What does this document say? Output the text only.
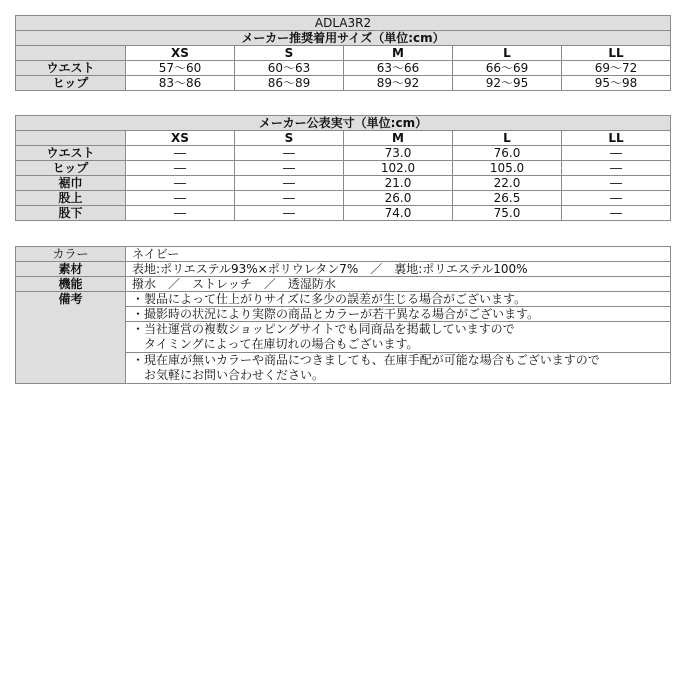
ADLA3R2					
メーカー推奨着用サイズ（単位:cm）					
	XS	S	M	L	LL
ウエスト	57〜60	60〜63	63〜66	66〜69	69〜72
ヒップ	83〜86	86〜89	89〜92	92〜95	95〜98
メーカー公表実寸（単位:cm）					
	XS	S	M	L	LL
ウエスト	―	―	73.0	76.0	―
ヒップ	―	―	102.0	105.0	―
裾巾	―	―	21.0	22.0	―
股上	―	―	26.0	26.5	―
股下	―	―	74.0	75.0	―
カラー	ネイビー
素材	表地:ポリエステル93%×ポリウレタン7%　／　裏地:ポリエステル100%
機能	撥水　／　ストレッチ　／　透湿防水
備考	・製品によって仕上がりサイズに多少の誤差が生じる場合がございます。
	・撮影時の状況により実際の商品とカラーが若干異なる場合がございます。

	・当社運営の複数ショッピングサイトでも同商品を掲載していますので
　タイミングによって在庫切れの場合もございます。

	・現在庫が無いカラーや商品につきましても、在庫手配が可能な場合もございますので
　お気軽にお問い合わせください。
